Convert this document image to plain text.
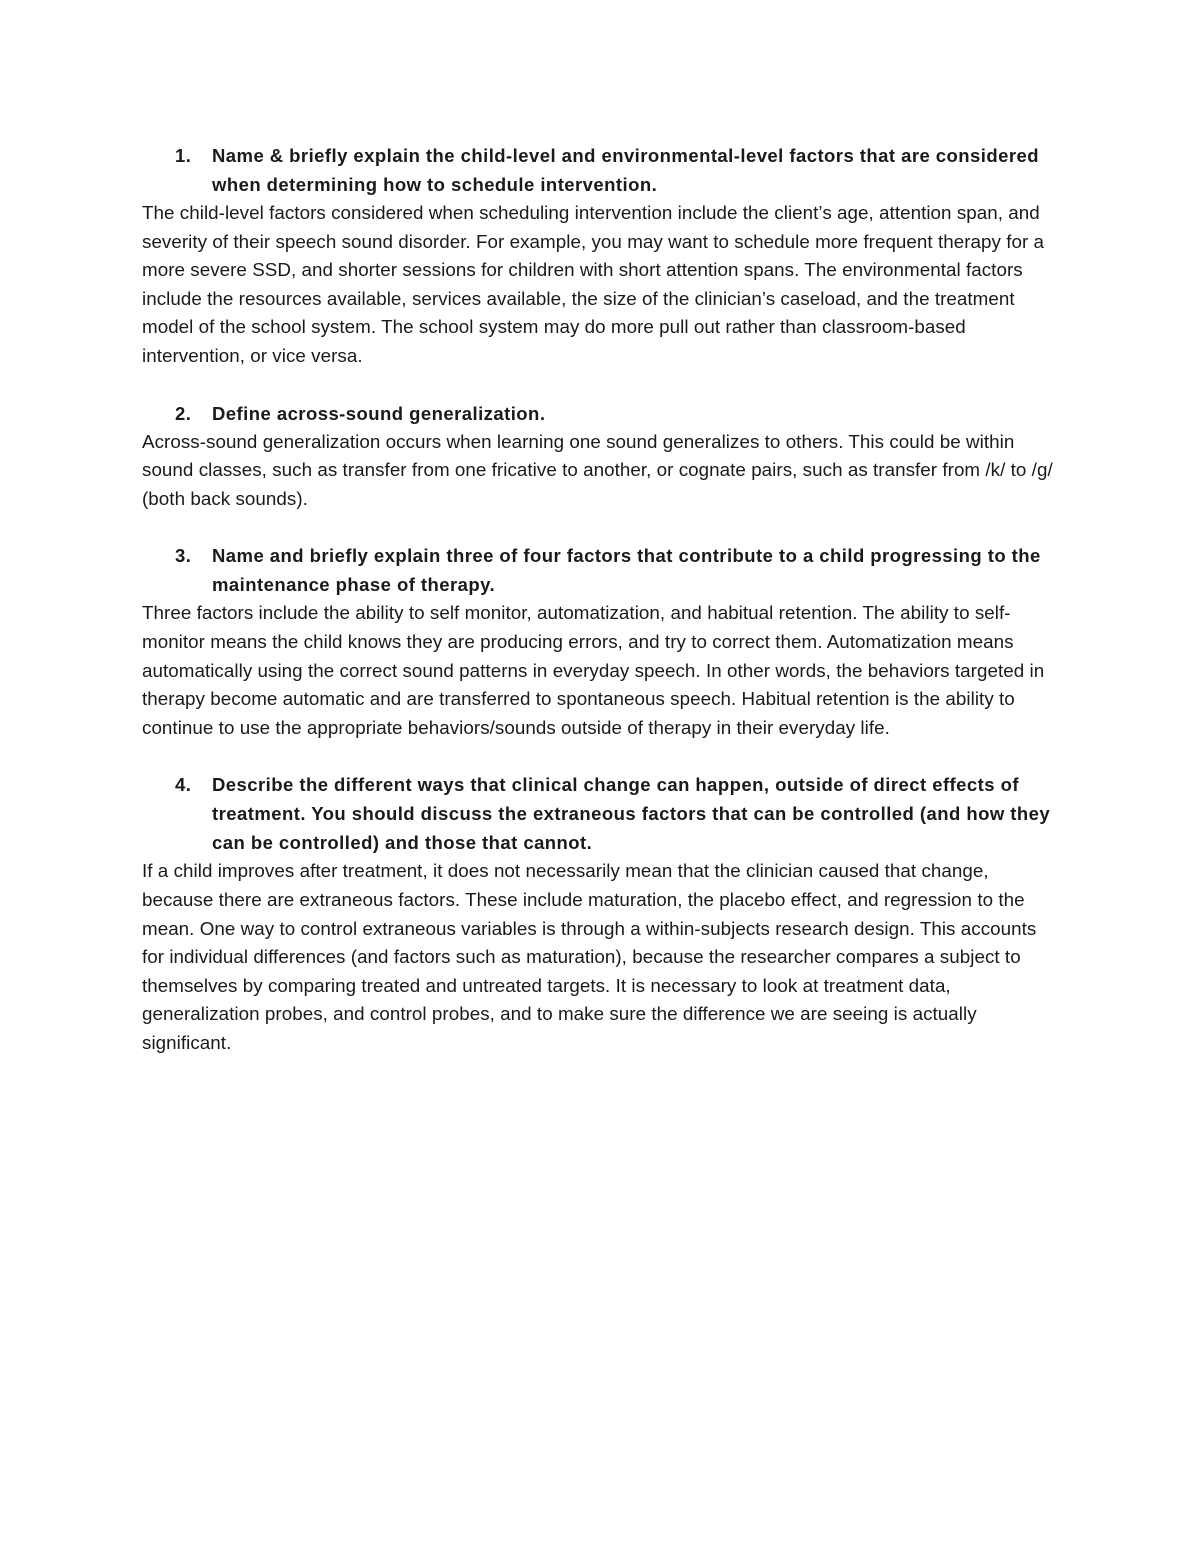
1. Name & briefly explain the child-level and environmental-level factors that are considered when determining how to schedule intervention.

The child-level factors considered when scheduling intervention include the client’s age, attention span, and severity of their speech sound disorder. For example, you may want to schedule more frequent therapy for a more severe SSD, and shorter sessions for children with short attention spans. The environmental factors include the resources available, services available, the size of the clinician’s caseload, and the treatment model of the school system. The school system may do more pull out rather than classroom-based intervention, or vice versa.

2. Define across-sound generalization.

Across-sound generalization occurs when learning one sound generalizes to others. This could be within sound classes, such as transfer from one fricative to another, or cognate pairs, such as transfer from /k/ to /g/ (both back sounds).

3. Name and briefly explain three of four factors that contribute to a child progressing to the maintenance phase of therapy.

Three factors include the ability to self monitor, automatization, and habitual retention. The ability to self-monitor means the child knows they are producing errors, and try to correct them. Automatization means automatically using the correct sound patterns in everyday speech. In other words, the behaviors targeted in therapy become automatic and are transferred to spontaneous speech. Habitual retention is the ability to continue to use the appropriate behaviors/sounds outside of therapy in their everyday life.

4. Describe the different ways that clinical change can happen, outside of direct effects of treatment. You should discuss the extraneous factors that can be controlled (and how they can be controlled) and those that cannot.

If a child improves after treatment, it does not necessarily mean that the clinician caused that change, because there are extraneous factors. These include maturation, the placebo effect, and regression to the mean. One way to control extraneous variables is through a within-subjects research design. This accounts for individual differences (and factors such as maturation), because the researcher compares a subject to themselves by comparing treated and untreated targets. It is necessary to look at treatment data, generalization probes, and control probes, and to make sure the difference we are seeing is actually significant.
